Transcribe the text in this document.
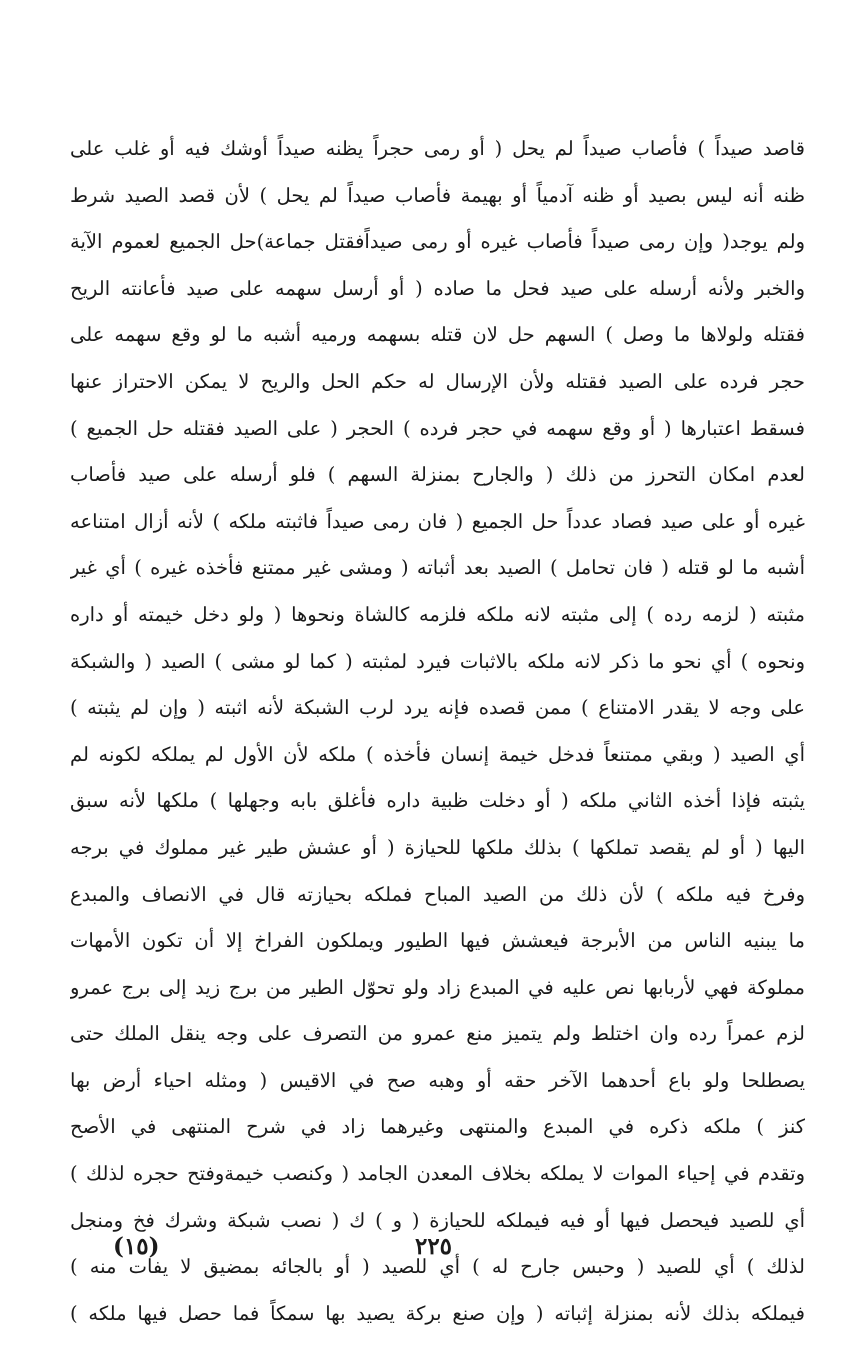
قاصد صيداً ) فأصاب صيداً لم يحل ( أو رمى حجراً يظنه صيداً أوشك فيه أو غلب على
ظنه أنه ليس بصيد أو ظنه آدمياً أو بهيمة فأصاب صيداً لم يحل ) لأن قصد الصيد شرط
ولم يوجد( وإن رمى صيداً فأصاب غيره أو رمى صيداًفقتل جماعة)حل الجميع لعموم الآية
والخبر ولأنه أرسله على صيد فحل ما صاده ( أو أرسل سهمه على صيد فأعانته الريح
فقتله ولولاها ما وصل ) السهم حل لان قتله بسهمه ورميه أشبه ما لو وقع سهمه على
حجر فرده على الصيد فقتله ولأن الإرسال له حكم الحل والريح لا يمكن الاحتراز عنها
فسقط اعتبارها ( أو وقع سهمه في حجر فرده ) الحجر ( على الصيد فقتله حل الجميع )
لعدم امكان التحرز من ذلك ( والجارح بمنزلة السهم ) فلو أرسله على صيد فأصاب
غيره أو على صيد فصاد عدداً حل الجميع ( فان رمى صيداً فاثبته ملكه ) لأنه أزال امتناعه
أشبه ما لو قتله ( فان تحامل ) الصيد بعد أثباته ( ومشى غير ممتنع فأخذه غيره ) أي غير
مثبته ( لزمه رده ) إلى مثبته لانه ملكه فلزمه كالشاة ونحوها ( ولو دخل خيمته أو داره
ونحوه ) أي نحو ما ذكر لانه ملكه بالاثبات فيرد لمثبته ( كما لو مشى ) الصيد ( والشبكة
على وجه لا يقدر الامتناع ) ممن قصده فإنه يرد لرب الشبكة لأنه اثبته ( وإن لم يثبته )
أي الصيد ( وبقي ممتنعاً فدخل خيمة إنسان فأخذه ) ملكه لأن الأول لم يملكه لكونه لم
يثبته فإذا أخذه الثاني ملكه ( أو دخلت ظبية داره فأغلق بابه وجهلها ) ملكها لأنه سبق
اليها ( أو لم يقصد تملكها ) بذلك ملكها للحيازة ( أو عشش طير غير مملوك في برجه
وفرخ فيه ملكه ) لأن ذلك من الصيد المباح فملكه بحيازته قال في الانصاف والمبدع
ما يبنيه الناس من الأبرجة فيعشش فيها الطيور ويملكون الفراخ إلا أن تكون الأمهات
مملوكة فهي لأربابها نص عليه في المبدع زاد ولو تحوّل الطير من برج زيد إلى برج عمرو
لزم عمراً رده وان اختلط ولم يتميز منع عمرو من التصرف على وجه ينقل الملك حتى
يصطلحا ولو باع أحدهما الآخر حقه أو وهبه صح في الاقيس ( ومثله احياء أرض بها
كنز ) ملكه ذكره في المبدع والمنتهى وغيرهما زاد في شرح المنتهى في الأصح
وتقدم في إحياء الموات لا يملكه بخلاف المعدن الجامد ( وكنصب خيمةوفتح حجره لذلك )
أي للصيد فيحصل فيها أو فيه فيملكه للحيازة ( و ) ك ( نصب شبكة وشرك فخ ومنجل
لذلك ) أي للصيد ( وحبس جارح له ) أي للصيد ( أو بالجائه بمضيق لا يفات منه )
فيملكه بذلك لأنه بمنزلة إثباته ( وإن صنع بركة يصيد بها سمكاً فما حصل فيها ملكه )
(١٥)	٢٢٥
